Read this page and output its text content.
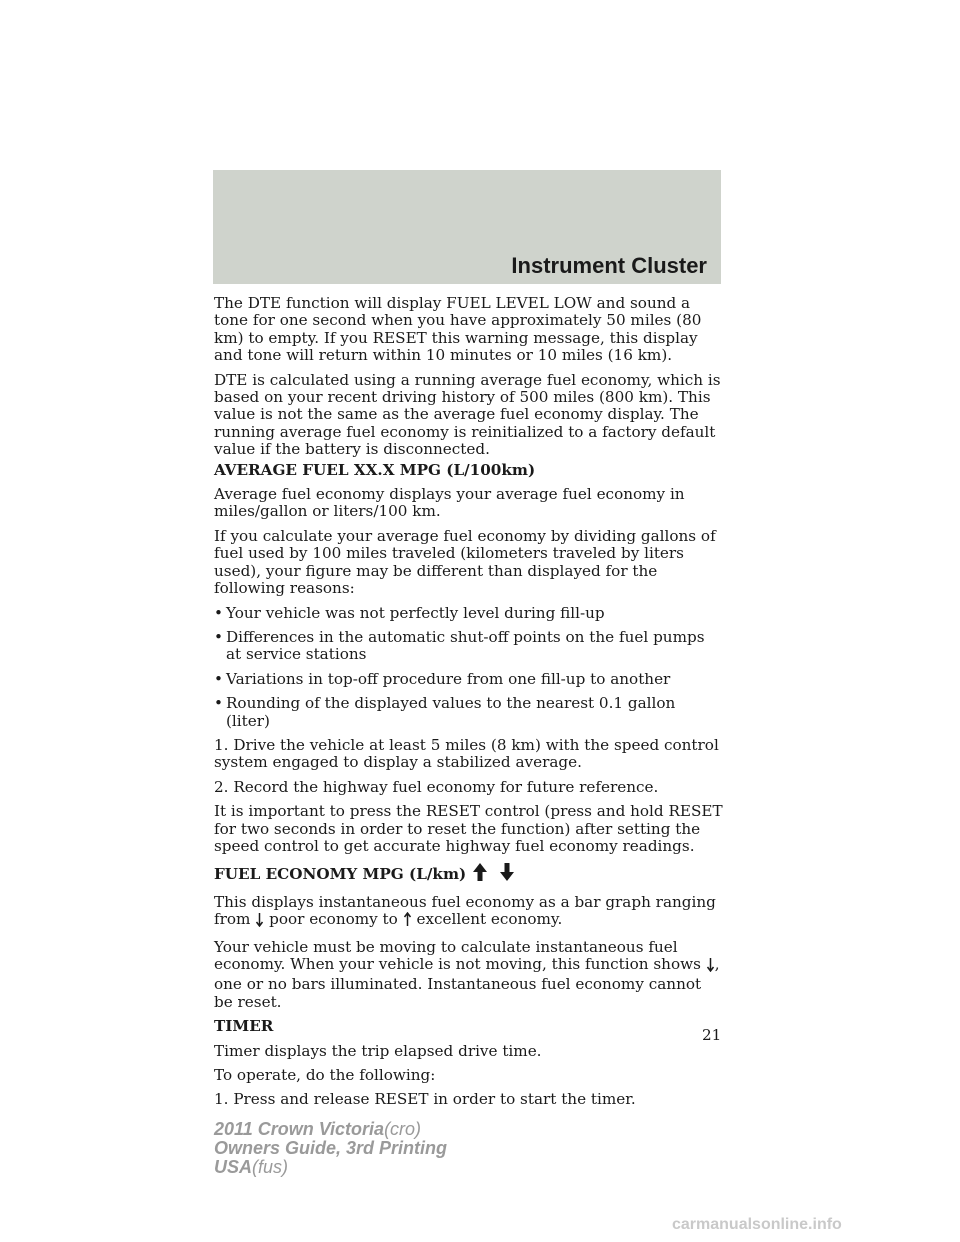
Instrument Cluster

The DTE function will display FUEL LEVEL LOW and sound a tone for one second when you have approximately 50 miles (80 km) to empty. If you RESET this warning message, this display and tone will return within 10 minutes or 10 miles (16 km).

DTE is calculated using a running average fuel economy, which is based on your recent driving history of 500 miles (800 km). This value is not the same as the average fuel economy display. The running average fuel economy is reinitialized to a factory default value if the battery is disconnected.

AVERAGE FUEL XX.X MPG (L/100km)

Average fuel economy displays your average fuel economy in miles/gallon or liters/100 km.

If you calculate your average fuel economy by dividing gallons of fuel used by 100 miles traveled (kilometers traveled by liters used), your figure may be different than displayed for the following reasons:

• Your vehicle was not perfectly level during fill-up
• Differences in the automatic shut-off points on the fuel pumps at service stations
• Variations in top-off procedure from one fill-up to another
• Rounding of the displayed values to the nearest 0.1 gallon (liter)

1. Drive the vehicle at least 5 miles (8 km) with the speed control system engaged to display a stabilized average.

2. Record the highway fuel economy for future reference.

It is important to press the RESET control (press and hold RESET for two seconds in order to reset the function) after setting the speed control to get accurate highway fuel economy readings.

FUEL ECONOMY MPG (L/km)

This displays instantaneous fuel economy as a bar graph ranging from poor economy to excellent economy.

Your vehicle must be moving to calculate instantaneous fuel economy. When your vehicle is not moving, this function shows , one or no bars illuminated. Instantaneous fuel economy cannot be reset.

TIMER

Timer displays the trip elapsed drive time.

To operate, do the following:

1. Press and release RESET in order to start the timer.

21
2011 Crown Victoria(cro)
Owners Guide, 3rd Printing
USA(fus)
carmanualsonline.info
